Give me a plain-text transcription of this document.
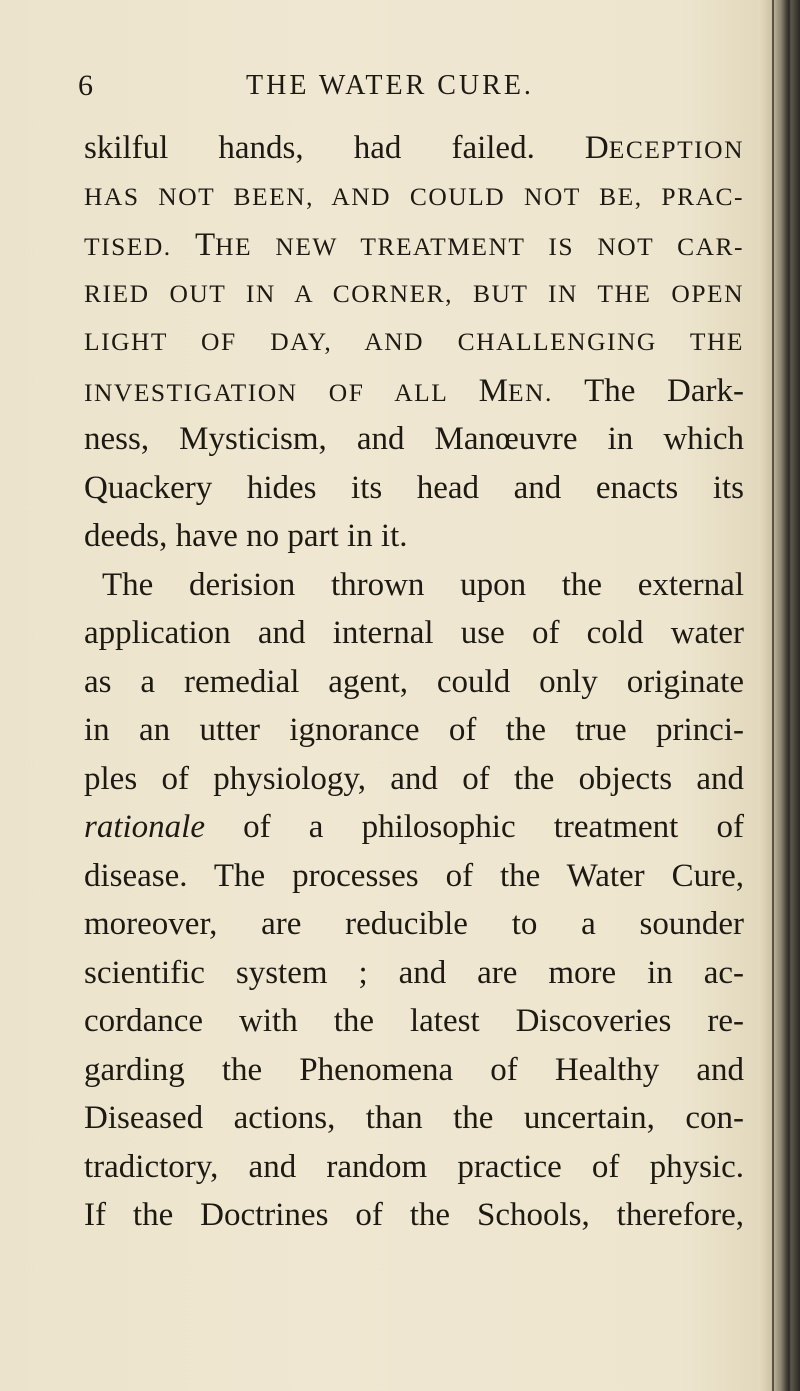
6	THE WATER CURE.
skilful hands, had failed. DECEPTION
HAS NOT BEEN, AND COULD NOT BE, PRAC-
TISED. THE NEW TREATMENT IS NOT CAR-
RIED OUT IN A CORNER, BUT IN THE OPEN
LIGHT OF DAY, AND CHALLENGING THE
INVESTIGATION OF ALL MEN. The Dark-
ness, Mysticism, and Manœuvre in which
Quackery hides its head and enacts its
deeds, have no part in it.
The derision thrown upon the external
application and internal use of cold water
as a remedial agent, could only originate
in an utter ignorance of the true princi-
ples of physiology, and of the objects and
rationale of a philosophic treatment of
disease. The processes of the Water Cure,
moreover, are reducible to a sounder
scientific system ; and are more in ac-
cordance with the latest Discoveries re-
garding the Phenomena of Healthy and
Diseased actions, than the uncertain, con-
tradictory, and random practice of physic.
If the Doctrines of the Schools, therefore,
